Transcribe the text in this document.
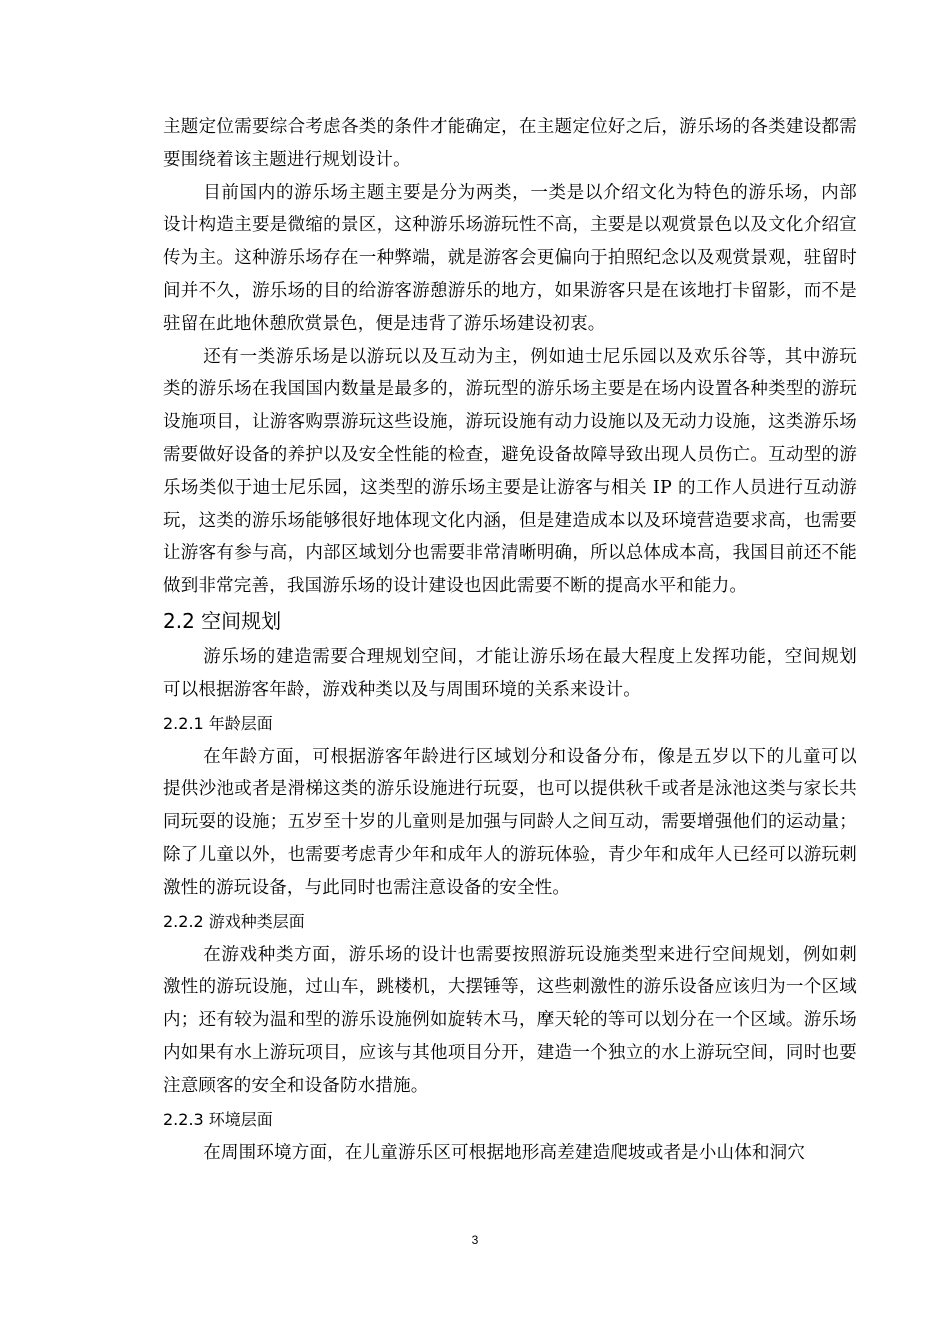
主题定位需要综合考虑各类的条件才能确定，在主题定位好之后，游乐场的各类建设都需要围绕着该主题进行规划设计。

目前国内的游乐场主题主要是分为两类，一类是以介绍文化为特色的游乐场，内部设计构造主要是微缩的景区，这种游乐场游玩性不高，主要是以观赏景色以及文化介绍宣传为主。这种游乐场存在一种弊端，就是游客会更偏向于拍照纪念以及观赏景观，驻留时间并不久，游乐场的目的给游客游憩游乐的地方，如果游客只是在该地打卡留影，而不是驻留在此地休憩欣赏景色，便是违背了游乐场建设初衷。

还有一类游乐场是以游玩以及互动为主，例如迪士尼乐园以及欢乐谷等，其中游玩类的游乐场在我国国内数量是最多的，游玩型的游乐场主要是在场内设置各种类型的游玩设施项目，让游客购票游玩这些设施，游玩设施有动力设施以及无动力设施，这类游乐场需要做好设备的养护以及安全性能的检查，避免设备故障导致出现人员伤亡。互动型的游乐场类似于迪士尼乐园，这类型的游乐场主要是让游客与相关 IP 的工作人员进行互动游玩，这类的游乐场能够很好地体现文化内涵，但是建造成本以及环境营造要求高，也需要让游客有参与高，内部区域划分也需要非常清晰明确，所以总体成本高，我国目前还不能做到非常完善，我国游乐场的设计建设也因此需要不断的提高水平和能力。

2.2 空间规划

游乐场的建造需要合理规划空间，才能让游乐场在最大程度上发挥功能，空间规划可以根据游客年龄，游戏种类以及与周围环境的关系来设计。

2.2.1 年龄层面

在年龄方面，可根据游客年龄进行区域划分和设备分布，像是五岁以下的儿童可以提供沙池或者是滑梯这类的游乐设施进行玩耍，也可以提供秋千或者是泳池这类与家长共同玩耍的设施；五岁至十岁的儿童则是加强与同龄人之间互动，需要增强他们的运动量；除了儿童以外，也需要考虑青少年和成年人的游玩体验，青少年和成年人已经可以游玩刺激性的游玩设备，与此同时也需注意设备的安全性。

2.2.2 游戏种类层面

在游戏种类方面，游乐场的设计也需要按照游玩设施类型来进行空间规划，例如刺激性的游玩设施，过山车，跳楼机，大摆锤等，这些刺激性的游乐设备应该归为一个区域内；还有较为温和型的游乐设施例如旋转木马，摩天轮的等可以划分在一个区域。游乐场内如果有水上游玩项目，应该与其他项目分开，建造一个独立的水上游玩空间，同时也要注意顾客的安全和设备防水措施。

2.2.3 环境层面

在周围环境方面，在儿童游乐区可根据地形高差建造爬坡或者是小山体和洞穴

3
